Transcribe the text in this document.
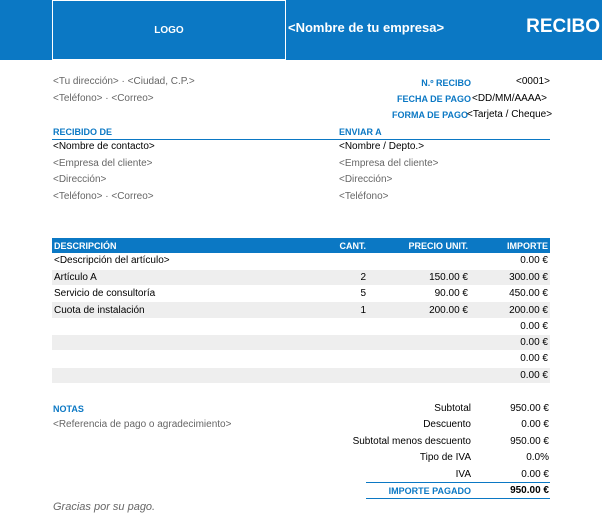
LOGO	<Nombre de tu empresa>	RECIBO
<Tu dirección> · <Ciudad, C.P.>
<Teléfono> · <Correo>
N.º RECIBO	<0001>
FECHA DE PAGO <DD/MM/AAAA>
FORMA DE PAGO <Tarjeta / Cheque>
RECIBIDO DE
<Nombre de contacto>
<Empresa del cliente>
<Dirección>
<Teléfono> · <Correo>
ENVIAR A
<Nombre / Depto.>
<Empresa del cliente>
<Dirección>
<Teléfono>
DESCRIPCIÓN	CANT.	PRECIO UNIT.	IMPORTE
<Descripción del artículo>			0.00 €
Artículo A	2	150.00 €	300.00 €
Servicio de consultoría	5	90.00 €	450.00 €
Cuota de instalación	1	200.00 €	200.00 €
			0.00 €
			0.00 €
			0.00 €
			0.00 €
NOTAS
<Referencia de pago o agradecimiento>
Subtotal	950.00 €
Descuento	0.00 €
Subtotal menos descuento	950.00 €
Tipo de IVA	0.0%
IVA	0.00 €
IMPORTE PAGADO	950.00 €
Gracias por su pago.
